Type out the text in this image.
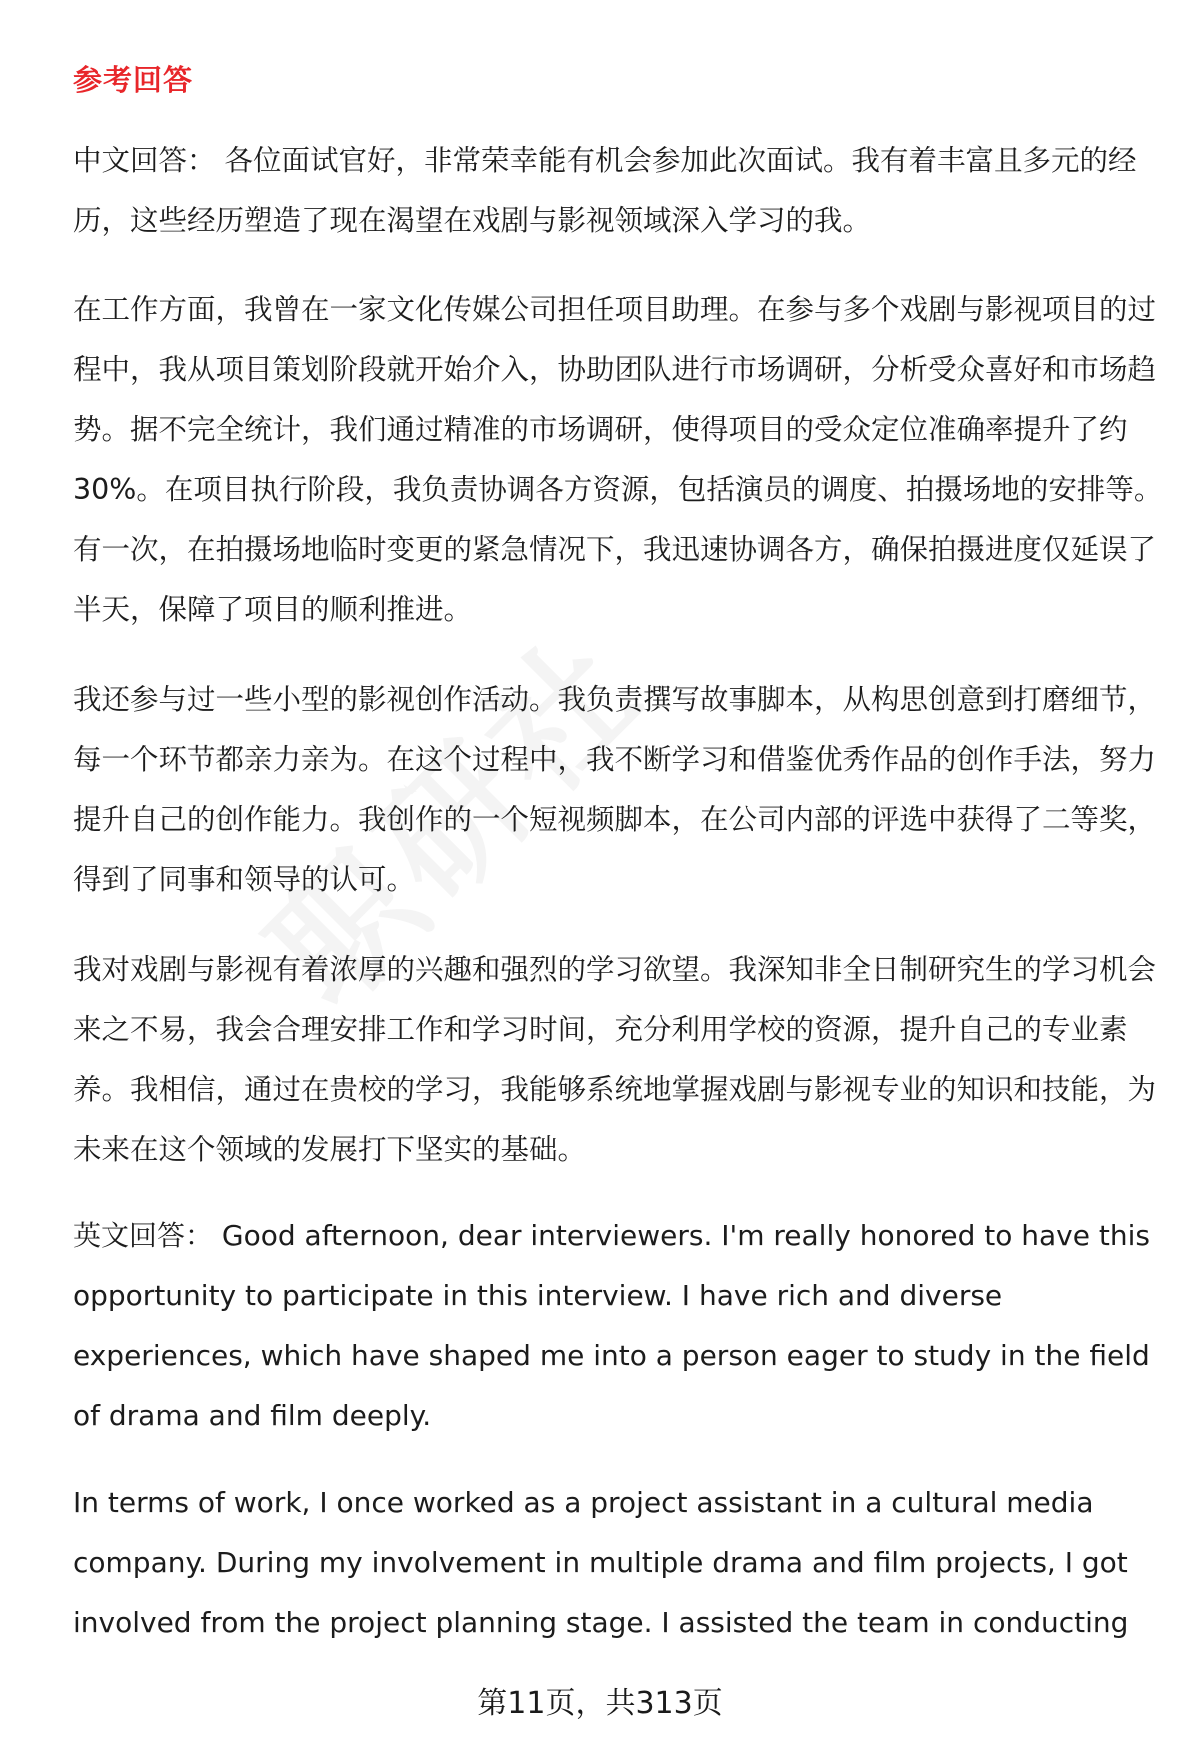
参考回答

中文回答： 各位面试官好，非常荣幸能有机会参加此次面试。我有着丰富且多元的经历，这些经历塑造了现在渴望在戏剧与影视领域深入学习的我。

在工作方面，我曾在一家文化传媒公司担任项目助理。在参与多个戏剧与影视项目的过程中，我从项目策划阶段就开始介入，协助团队进行市场调研，分析受众喜好和市场趋势。据不完全统计，我们通过精准的市场调研，使得项目的受众定位准确率提升了约30%。在项目执行阶段，我负责协调各方资源，包括演员的调度、拍摄场地的安排等。有一次，在拍摄场地临时变更的紧急情况下，我迅速协调各方，确保拍摄进度仅延误了半天，保障了项目的顺利推进。

我还参与过一些小型的影视创作活动。我负责撰写故事脚本，从构思创意到打磨细节，每一个环节都亲力亲为。在这个过程中，我不断学习和借鉴优秀作品的创作手法，努力提升自己的创作能力。我创作的一个短视频脚本，在公司内部的评选中获得了二等奖，得到了同事和领导的认可。

我对戏剧与影视有着浓厚的兴趣和强烈的学习欲望。我深知非全日制研究生的学习机会来之不易，我会合理安排工作和学习时间，充分利用学校的资源，提升自己的专业素养。我相信，通过在贵校的学习，我能够系统地掌握戏剧与影视专业的知识和技能，为未来在这个领域的发展打下坚实的基础。

英文回答： Good afternoon, dear interviewers. I'm really honored to have this opportunity to participate in this interview. I have rich and diverse experiences, which have shaped me into a person eager to study in the field of drama and film deeply.

In terms of work, I once worked as a project assistant in a cultural media company. During my involvement in multiple drama and film projects, I got involved from the project planning stage. I assisted the team in conducting

第11页，共313页
